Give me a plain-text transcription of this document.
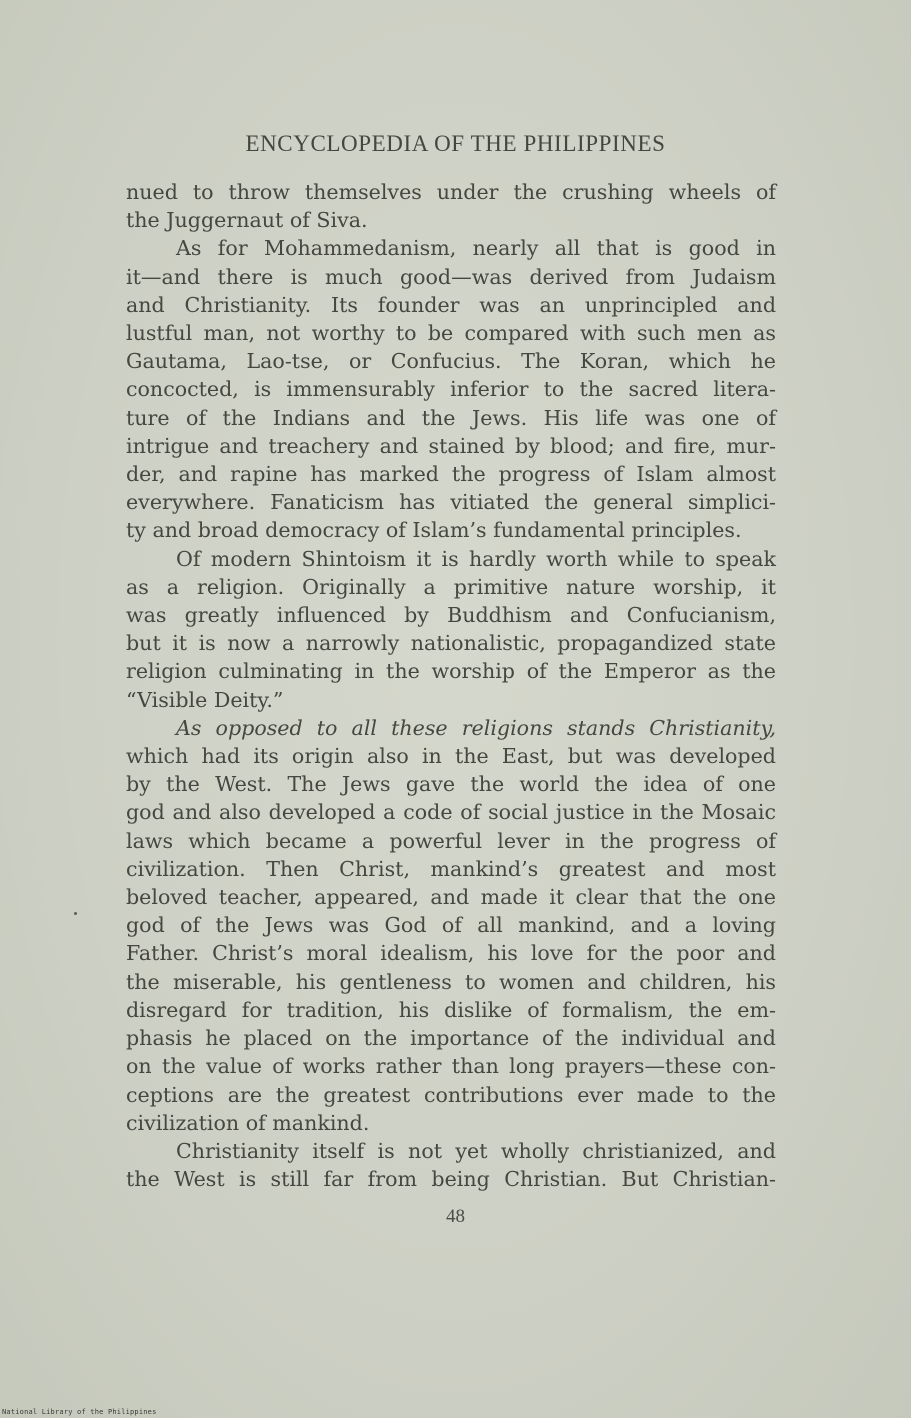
ENCYCLOPEDIA OF THE PHILIPPINES

nued to throw themselves under the crushing wheels of
the Juggernaut of Siva.

As for Mohammedanism, nearly all that is good in
it—and there is much good—was derived from Judaism
and Christianity. Its founder was an unprincipled and
lustful man, not worthy to be compared with such men as
Gautama, Lao-tse, or Confucius. The Koran, which he
concocted, is immensurably inferior to the sacred litera-
ture of the Indians and the Jews. His life was one of
intrigue and treachery and stained by blood; and fire, mur-
der, and rapine has marked the progress of Islam almost
everywhere. Fanaticism has vitiated the general simplici-
ty and broad democracy of Islam’s fundamental principles.

Of modern Shintoism it is hardly worth while to speak
as a religion. Originally a primitive nature worship, it
was greatly influenced by Buddhism and Confucianism,
but it is now a narrowly nationalistic, propagandized state
religion culminating in the worship of the Emperor as the
“Visible Deity.”

As opposed to all these religions stands Christianity,
which had its origin also in the East, but was developed
by the West. The Jews gave the world the idea of one
god and also developed a code of social justice in the Mosaic
laws which became a powerful lever in the progress of
civilization. Then Christ, mankind’s greatest and most
beloved teacher, appeared, and made it clear that the one
god of the Jews was God of all mankind, and a loving
Father. Christ’s moral idealism, his love for the poor and
the miserable, his gentleness to women and children, his
disregard for tradition, his dislike of formalism, the em-
phasis he placed on the importance of the individual and
on the value of works rather than long prayers—these con-
ceptions are the greatest contributions ever made to the
civilization of mankind.

Christianity itself is not yet wholly christianized, and
the West is still far from being Christian. But Christian-

48
National Library of the Philippines
